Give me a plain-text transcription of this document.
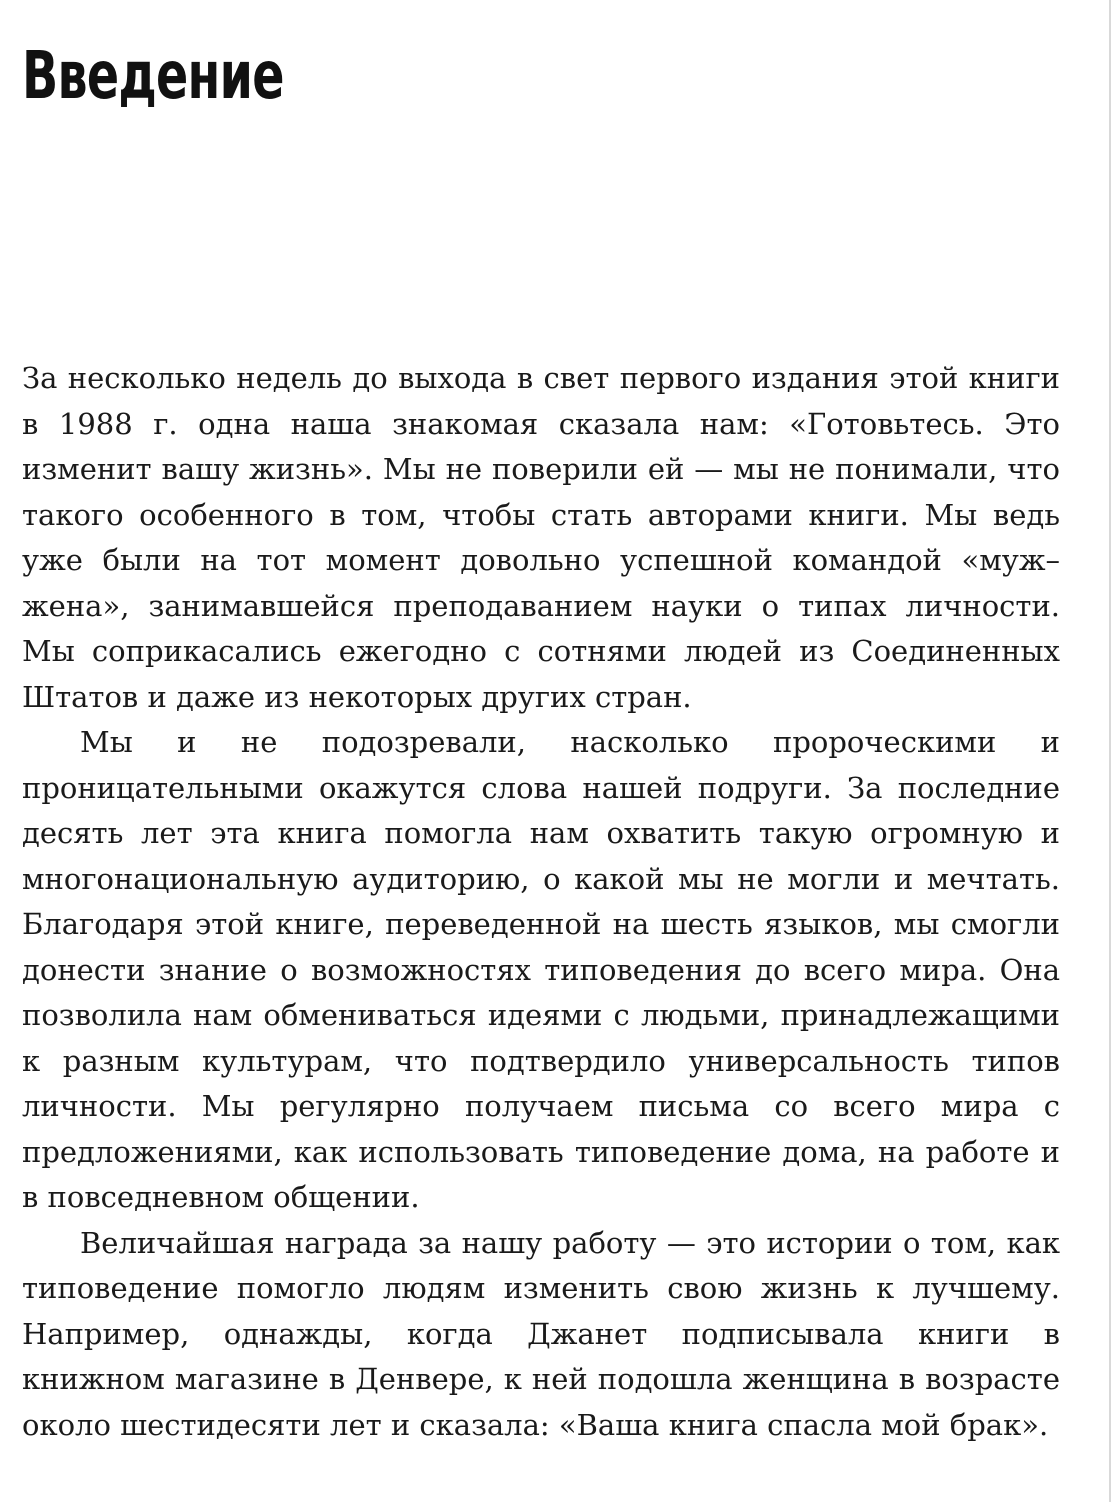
Введение

За несколько недель до выхода в свет первого издания этой книги в 1988 г. одна наша знакомая сказала нам: «Готовьтесь. Это изменит вашу жизнь». Мы не поверили ей — мы не понимали, что такого особенного в том, чтобы стать авторами книги. Мы ведь уже были на тот момент довольно успешной командой «муж–жена», занимавшейся преподаванием науки о типах личности. Мы соприкасались ежегодно с сотнями людей из Соединенных Штатов и даже из некоторых других стран.

Мы и не подозревали, насколько пророческими и проницательными окажутся слова нашей подруги. За последние десять лет эта книга помогла нам охватить такую огромную и многонациональную аудиторию, о какой мы не могли и мечтать. Благодаря этой книге, переведенной на шесть языков, мы смогли донести знание о возможностях типоведения до всего мира. Она позволила нам обмениваться идеями с людьми, принадлежащими к разным культурам, что подтвердило универсальность типов личности. Мы регулярно получаем письма со всего мира с предложениями, как использовать типоведение дома, на работе и в повседневном общении.

Величайшая награда за нашу работу — это истории о том, как типоведение помогло людям изменить свою жизнь к лучшему. Например, однажды, когда Джанет подписывала книги в книжном магазине в Денвере, к ней подошла женщина в возрасте около шестидесяти лет и сказала: «Ваша книга спасла мой брак».
